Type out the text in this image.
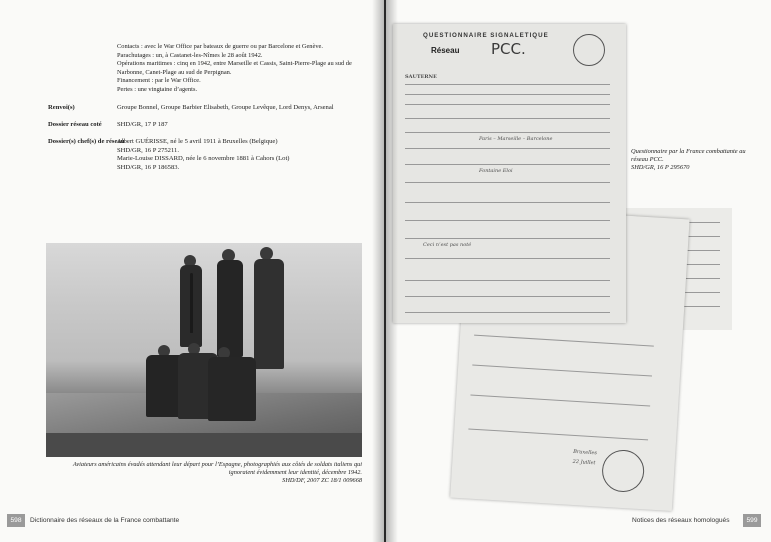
Contacts : avec le War Office par bateaux de guerre ou par Barcelone et Genève.
Parachutages : un, à Castanet-les-Nîmes le 28 août 1942.
Opérations maritimes : cinq en 1942, entre Marseille et Cassis, Saint-Pierre-Plage au sud de Narbonne, Canet-Plage au sud de Perpignan.
Financement : par le War Office.
Pertes : une vingtaine d’agents.
Renvoi(s)	Groupe Bonnel, Groupe Barbier Elisabeth, Groupe Levêque, Lord Denys, Arsenal
Dossier réseau coté	SHD/GR, 17 P 187
Dossier(s) chef(s) de réseau
Albert GUÉRISSE, né le 5 avril 1911 à Bruxelles (Belgique)
SHD/GR, 16 P 275211.
Marie-Louise DISSARD, née le 6 novembre 1881 à Cahors (Lot)
SHD/GR, 16 P 186583.
Aviateurs américains évadés attendant leur départ pour l’Espagne, photographiés aux côtés de soldats italiens qui ignoraient évidemment leur identité, décembre 1942.
SHD/DF, 2007 ZC 18/1 009668
598	Dictionnaire des réseaux de la France combattante
Bruxelles
22 Juillet
QUESTIONNAIRE SIGNALETIQUE
Réseau PCC.
SAUTERNE
Paris – Marseille – Barcelone
Fontaine Eloi
Ceci n’est pas noté
Questionnaire par la France combattante au réseau PCC.
SHD/GR, 16 P 295670
Notices des réseaux homologués	599
